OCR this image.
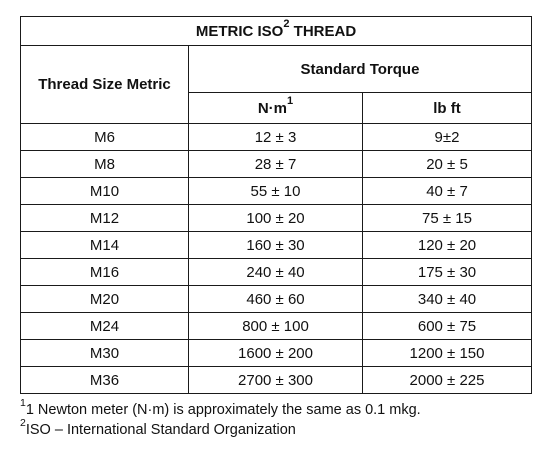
METRIC ISO$^2$ THREAD		
Thread Size Metric	Standard Torque	
	$N\cdot m^1$	lb ft
M6	12 ± 3	9±2
M8	28 ± 7	20 ± 5
M10	55 ± 10	40 ± 7
M12	100 ± 20	75 ± 15
M14	160 ± 30	120 ± 20
M16	240 ± 40	175 ± 30
M20	460 ± 60	340 ± 40
M24	800 ± 100	600 ± 75
M30	1600 ± 200	1200 ± 150
M36	2700 ± 300	2000 ± 225
$^1$1 Newton meter (N·m) is approximately the same as 0.1 mkg.
$^2$ISO – International Standard Organization
